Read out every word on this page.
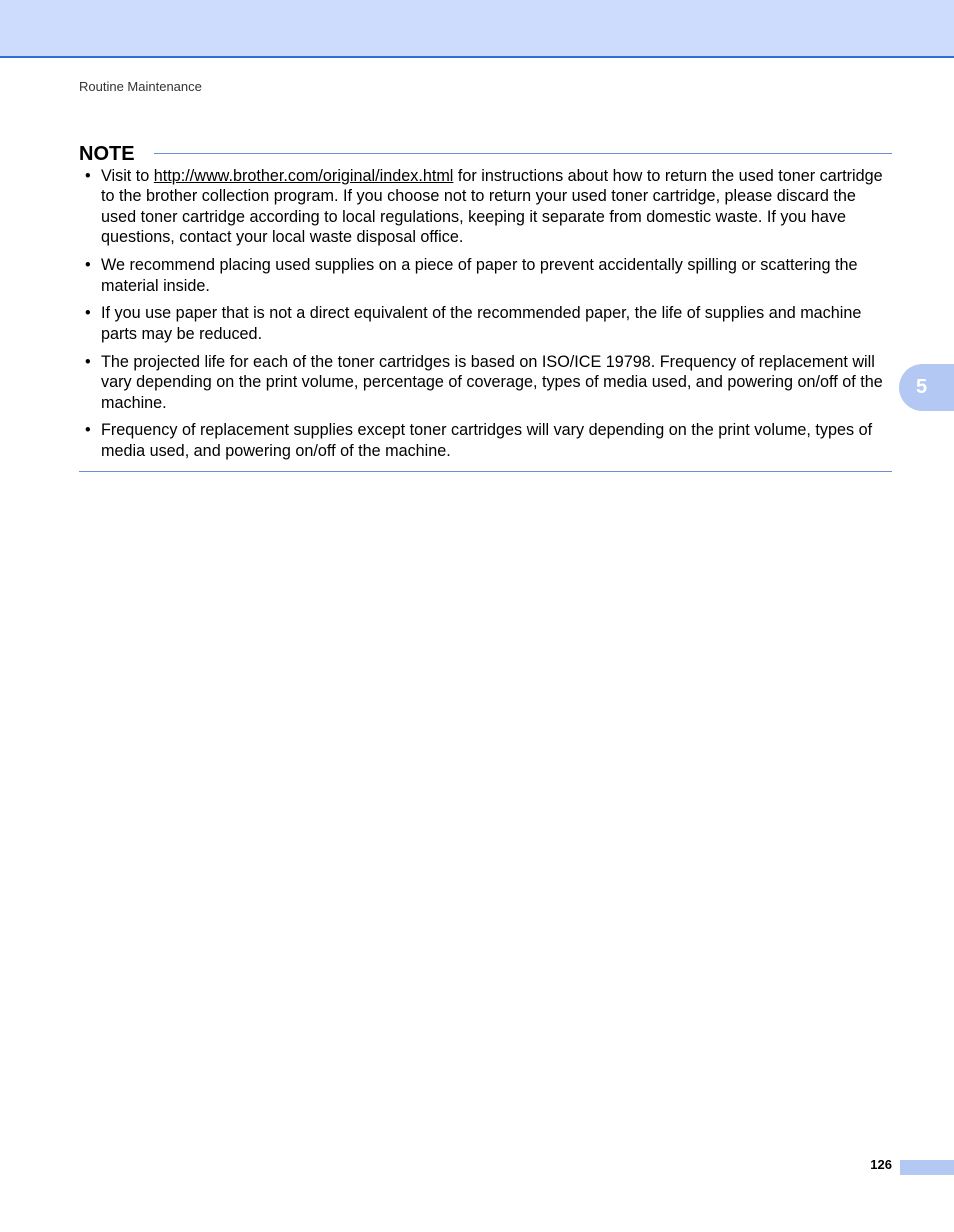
Routine Maintenance
NOTE
• Visit to http://www.brother.com/original/index.html for instructions about how to return the used toner cartridge to the brother collection program. If you choose not to return your used toner cartridge, please discard the used toner cartridge according to local regulations, keeping it separate from domestic waste. If you have questions, contact your local waste disposal office.
• We recommend placing used supplies on a piece of paper to prevent accidentally spilling or scattering the material inside.
• If you use paper that is not a direct equivalent of the recommended paper, the life of supplies and machine parts may be reduced.
• The projected life for each of the toner cartridges is based on ISO/ICE 19798. Frequency of replacement will vary depending on the print volume, percentage of coverage, types of media used, and powering on/off of the machine.
• Frequency of replacement supplies except toner cartridges will vary depending on the print volume, types of media used, and powering on/off of the machine.
5
126
